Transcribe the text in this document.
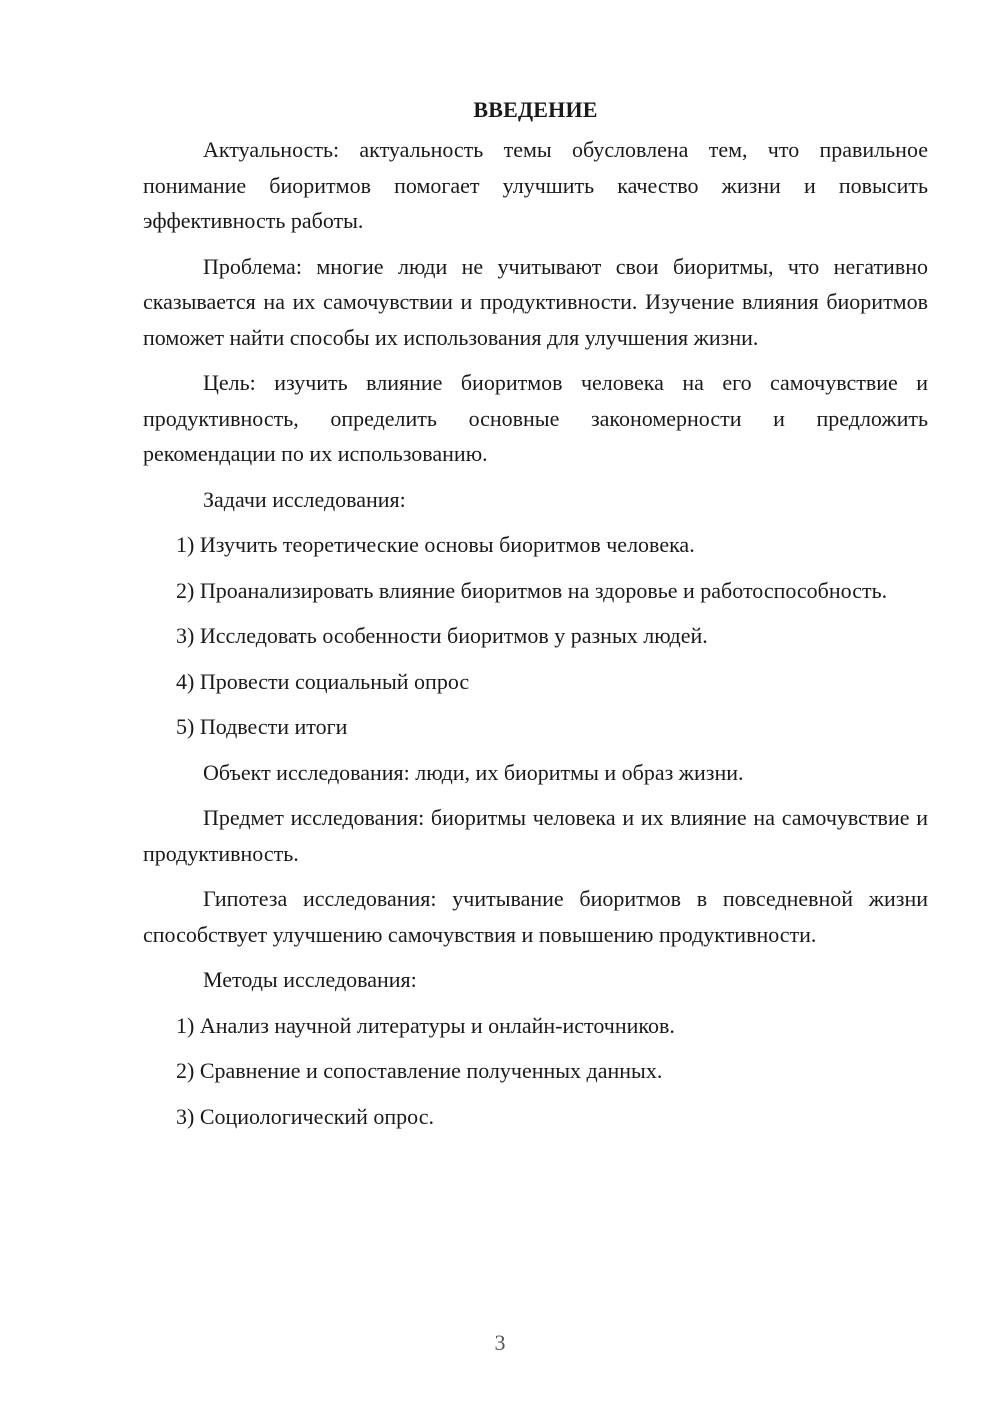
ВВЕДЕНИЕ

Актуальность: актуальность темы обусловлена тем, что правильное понимание биоритмов помогает улучшить качество жизни и повысить эффективность работы.

Проблема: многие люди не учитывают свои биоритмы, что негативно сказывается на их самочувствии и продуктивности. Изучение влияния биоритмов поможет найти способы их использования для улучшения жизни.

Цель: изучить влияние биоритмов человека на его самочувствие и продуктивность, определить основные закономерности и предложить рекомендации по их использованию.

Задачи исследования:

1) Изучить теоретические основы биоритмов человека.

2) Проанализировать влияние биоритмов на здоровье и работоспособность.

3) Исследовать особенности биоритмов у разных людей.

4) Провести социальный опрос

5) Подвести итоги

Объект исследования: люди, их биоритмы и образ жизни.

Предмет исследования: биоритмы человека и их влияние на самочувствие и продуктивность.

Гипотеза исследования: учитывание биоритмов в повседневной жизни способствует улучшению самочувствия и повышению продуктивности.

Методы исследования:

1) Анализ научной литературы и онлайн-источников.

2) Сравнение и сопоставление полученных данных.

3) Социологический опрос.

3
